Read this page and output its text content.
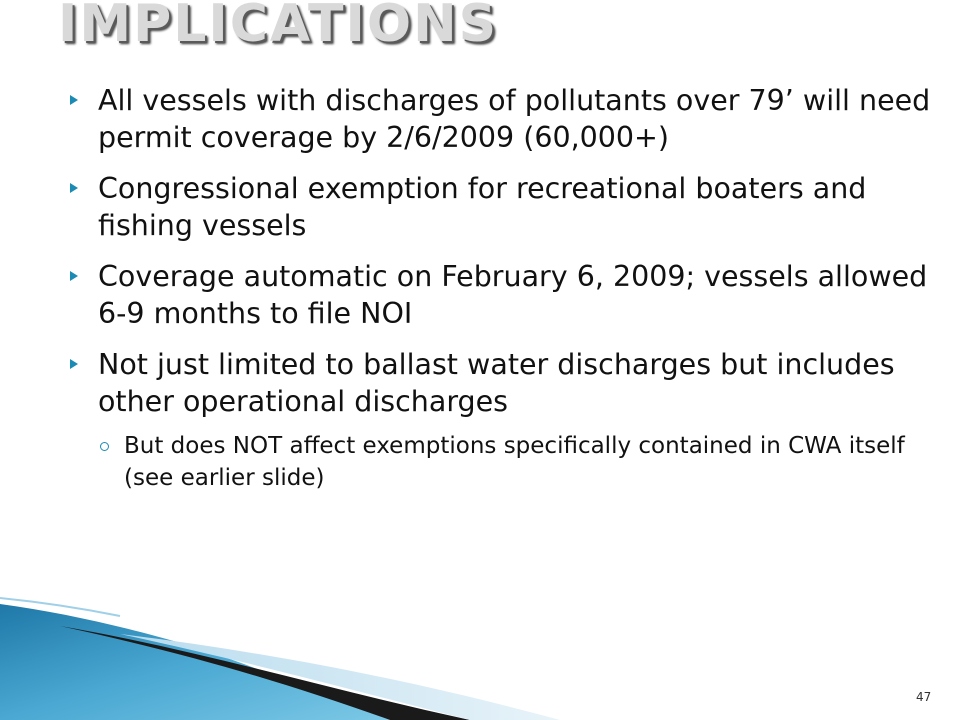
IMPLICATIONS
All vessels with discharges of pollutants over 79’ will need permit coverage by 2/6/2009 (60,000+)
Congressional exemption for recreational boaters and fishing vessels
Coverage automatic on February 6, 2009; vessels allowed 6-9 months to file NOI
Not just limited to ballast water discharges but includes other operational discharges
But does NOT affect exemptions specifically contained in CWA itself (see earlier slide)
47
